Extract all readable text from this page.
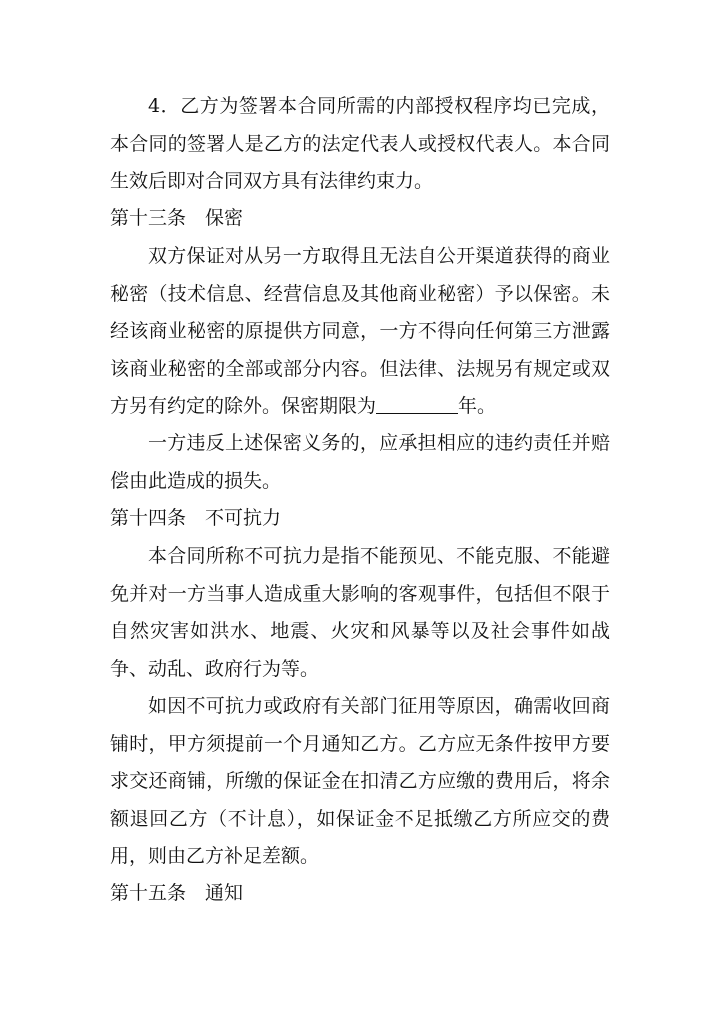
4．乙方为签署本合同所需的内部授权程序均已完成，本合同的签署人是乙方的法定代表人或授权代表人。本合同生效后即对合同双方具有法律约束力。

第十三条　保密

双方保证对从另一方取得且无法自公开渠道获得的商业秘密（技术信息、经营信息及其他商业秘密）予以保密。未经该商业秘密的原提供方同意，一方不得向任何第三方泄露该商业秘密的全部或部分内容。但法律、法规另有规定或双方另有约定的除外。保密期限为	年。

一方违反上述保密义务的，应承担相应的违约责任并赔偿由此造成的损失。

第十四条　不可抗力

本合同所称不可抗力是指不能预见、不能克服、不能避免并对一方当事人造成重大影响的客观事件，包括但不限于自然灾害如洪水、地震、火灾和风暴等以及社会事件如战争、动乱、政府行为等。

如因不可抗力或政府有关部门征用等原因，确需收回商铺时，甲方须提前一个月通知乙方。乙方应无条件按甲方要求交还商铺，所缴的保证金在扣清乙方应缴的费用后，将余额退回乙方（不计息），如保证金不足抵缴乙方所应交的费用，则由乙方补足差额。

第十五条　通知
